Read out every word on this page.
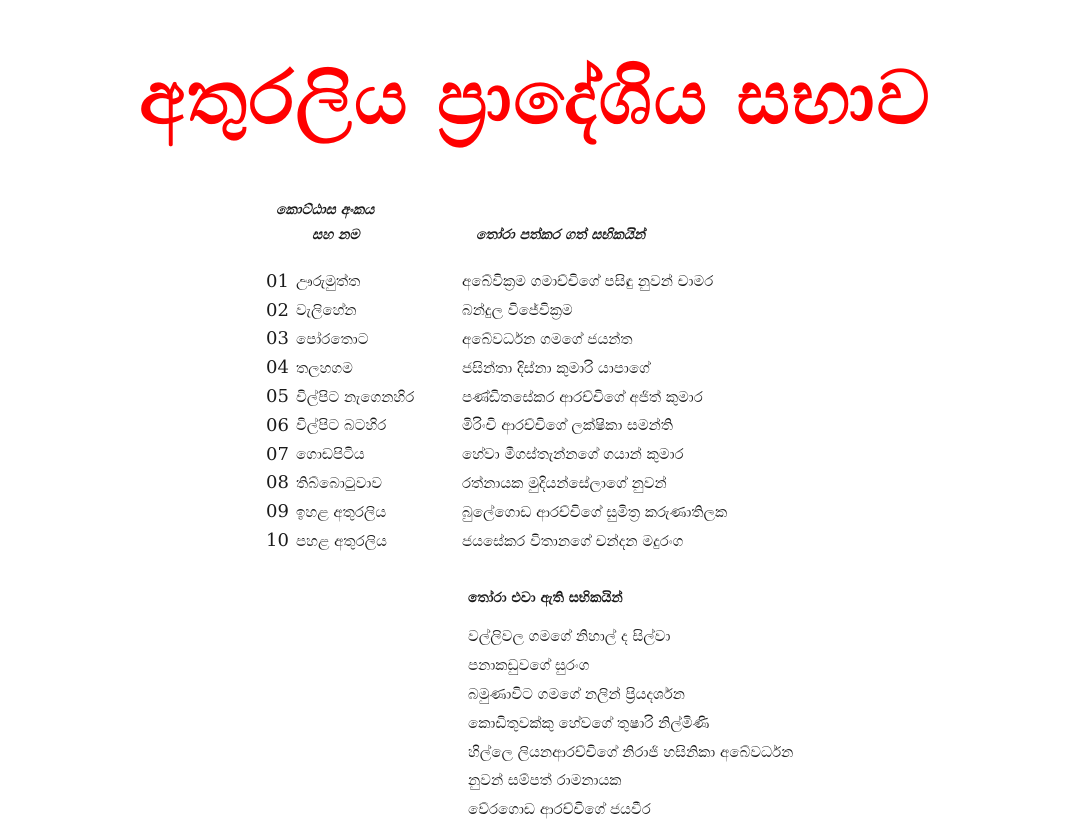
අතුරලිය ප්‍රාදේශිය සභාව
කොට්ඨාස අංකය
සහ නම	තෝරා පත්කර ගත් සභිකයින්
01 ඌරුමුත්ත	අබේවික්‍රම ගමාච්චිගේ පසිඳු නුවන් චාමර
02 වැලිහේන	බන්දුල විජේවික්‍රම
03 පෝරතොට	අබේවර්ධන ගමගේ ජයන්ත
04 තලහගම	ජසින්තා දිස්නා කුමාරි යාපාගේ
05 විල්පිට නැගෙනහිර	පණ්ඩිතසේකර ආරච්චිගේ අජිත් කුමාර
06 විල්පිට බටහිර	මිරිංචි ආරච්චිගේ ලක්ෂිකා සමන්ති
07 ගොඩපිටිය	හේවා මීගස්තැන්නගේ ගයාන් කුමාර
08 තිබ්බොටුවාව	රත්නායක මුදියන්සේලාගේ නුවන්
09 ඉහළ අතුරලිය	බුලේගොඩ ආරච්චිගේ සුමිත්‍ර කරුණාතිලක
10 පහළ අතුරලිය	ජයසේකර විතානගේ චන්දන මදුරංග
තෝරා එවා ඇති සභිකයින්
වල්ලිවල ගමගේ නිහාල් ද සිල්වා
පනාකඩුවගේ සුරංග
බමුණාවිට ගමගේ නලින් ප්‍රියදර්ශන
කොඩිතුවක්කු හේවගේ තුෂාරි නිල්මිණි
හිල්ලෙ ලියනආරච්චිගේ නිරාජි හසිනිකා අබේවර්ධන
නුවන් සම්පත් රාමනායක
වේරගොඩ ආරච්චිගේ ජයවීර
